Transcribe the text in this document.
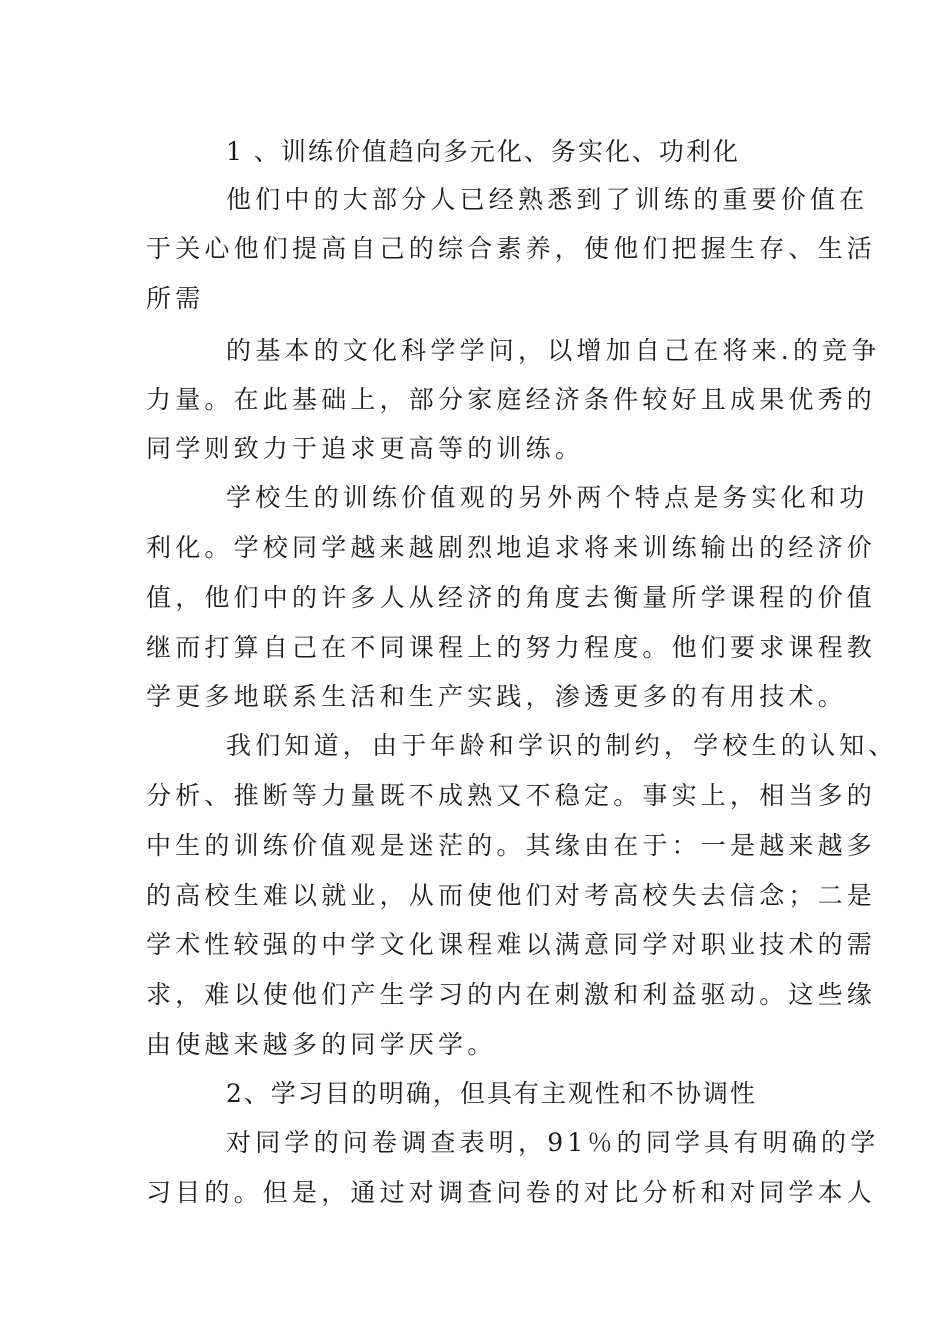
1 、训练价值趋向多元化、务实化、功利化
他们中的大部分人已经熟悉到了训练的重要价值在
于关心他们提高自己的综合素养，使他们把握生存、生活
所需
的基本的文化科学学问，以增加自己在将来.的竞争
力量。在此基础上，部分家庭经济条件较好且成果优秀的
同学则致力于追求更高等的训练。
学校生的训练价值观的另外两个特点是务实化和功
利化。学校同学越来越剧烈地追求将来训练输出的经济价
值，他们中的许多人从经济的角度去衡量所学课程的价值
继而打算自己在不同课程上的努力程度。他们要求课程教
学更多地联系生活和生产实践，渗透更多的有用技术。
我们知道，由于年龄和学识的制约，学校生的认知、
分析、推断等力量既不成熟又不稳定。事实上，相当多的
中生的训练价值观是迷茫的。其缘由在于：一是越来越多
的高校生难以就业，从而使他们对考高校失去信念；二是
学术性较强的中学文化课程难以满意同学对职业技术的需
求，难以使他们产生学习的内在刺激和利益驱动。这些缘
由使越来越多的同学厌学。
2、学习目的明确，但具有主观性和不协调性
对同学的问卷调查表明，91％的同学具有明确的学
习目的。但是，通过对调查问卷的对比分析和对同学本人
